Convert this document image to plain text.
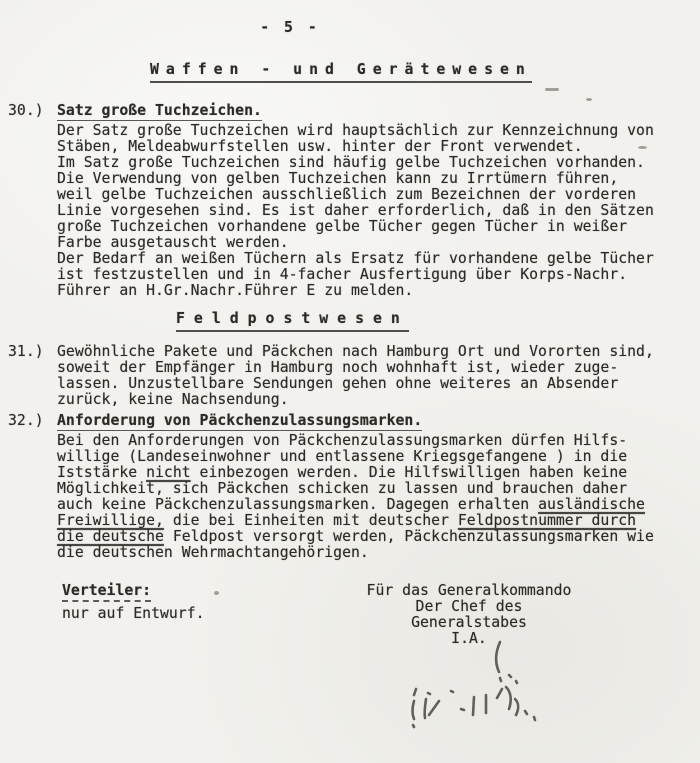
- 5 -
Waffen - und Gerätewesen
30.) Satz große Tuchzeichen.
Der Satz große Tuchzeichen wird hauptsächlich zur Kennzeichnung von
Stäben, Meldeabwurfstellen usw. hinter der Front verwendet.
Im Satz große Tuchzeichen sind häufig gelbe Tuchzeichen vorhanden.
Die Verwendung von gelben Tuchzeichen kann zu Irrtümern führen,
weil gelbe Tuchzeichen ausschließlich zum Bezeichnen der vorderen
Linie vorgesehen sind. Es ist daher erforderlich, daß in den Sätzen
große Tuchzeichen vorhandene gelbe Tücher gegen Tücher in weißer
Farbe ausgetauscht werden.
Der Bedarf an weißen Tüchern als Ersatz für vorhandene gelbe Tücher
ist festzustellen und in 4-facher Ausfertigung über Korps-Nachr.
Führer an H.Gr.Nachr.Führer E zu melden.
Feldpostwesen
31.) Gewöhnliche Pakete und Päckchen nach Hamburg Ort und Vororten sind,
soweit der Empfänger in Hamburg noch wohnhaft ist, wieder zuge-
lassen. Unzustellbare Sendungen gehen ohne weiteres an Absender
zurück, keine Nachsendung.
32.) Anforderung von Päckchenzulassungsmarken.
Bei den Anforderungen von Päckchenzulassungsmarken dürfen Hilfs-
willige (Landeseinwohner und entlassene Kriegsgefangene ) in die
Iststärke nicht einbezogen werden. Die Hilfswilligen haben keine
Möglichkeit, sich Päckchen schicken zu lassen und brauchen daher
auch keine Päckchenzulassungsmarken. Dagegen erhalten ausländische
Freiwillige, die bei Einheiten mit deutscher Feldpostnummer durch
die deutsche Feldpost versorgt werden, Päckchenzulassungsmarken wie
die deutschen Wehrmachtangehörigen.
Verteiler:
nur auf Entwurf.
Für das Generalkommando
Der Chef des Generalstabes
I.A.
